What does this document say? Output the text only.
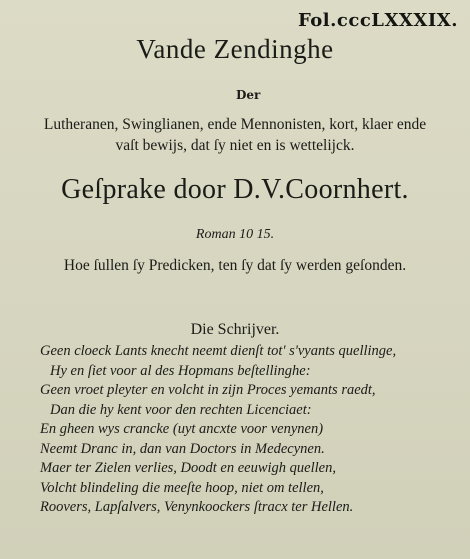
Fol.cccLXXXIX.
Vande Zendinghe
Der
Lutheranen, Swinglianen, ende Mennonisten, kort, klaer ende
vaſt bewijs, dat ſy niet en is wettelijck.
Geſprake door D.V.Coornhert.
Roman 10 15.
Hoe ſullen ſy Predicken, ten ſy dat ſy werden geſonden.
Die Schrijver.
Geen cloeck Lants knecht neemt dienſt tot' s'vyants quellinge,
Hy en ſiet voor al des Hopmans beſtellinghe:
Geen vroet pleyter en volcht in zijn Proces yemants raedt,
Dan die hy kent voor den rechten Licenciaet:
En gheen wys crancke (uyt ancxte voor venynen)
Neemt Dranc in, dan van Doctors in Medecynen.
Maer ter Zielen verlies, Doodt en eeuwigh quellen,
Volcht blindeling die meeſte hoop, niet om tellen,
Roovers, Lapſalvers, Venynkoockers ſtracx ter Hellen.
